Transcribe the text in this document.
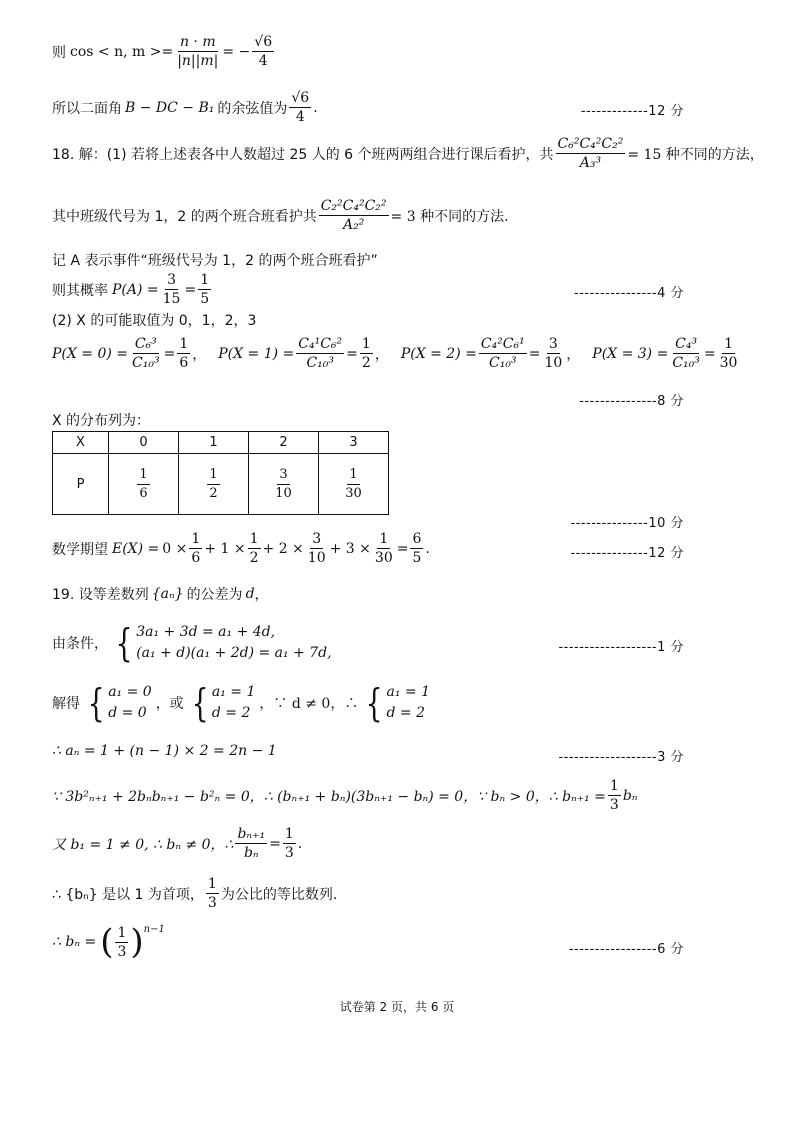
则 cos < n, $m >= \frac{n \cdot m}{|n||m|}$ = − $\frac{√6}{4}$
所以二面角 B − DC − B₁ 的余弦值为 $\frac{√6}{4}$ .	-------------12 分
18. 解：(1) 若将上述表各中人数超过 25 人的 6 个班两两组合进行课后看护，共 $\frac{\text{C₆²C₄²C₂²}}{\text{A₃³}} = 15$ 种不同的方法，
其中班级代号为 1，2 的两个班合班看护共 $\frac{\text{C₂²C₄²C₂²}}{\text{A₂²}} = 3$ 种不同的方法.
记 A 表示事件“班级代号为 1，2 的两个班合班看护”
则其概率 $P(A) = \frac{3}{15} = \frac{1}{5}$	----------------4 分
(2) X 的可能取值为 0，1，2，3
$P(X = 0) = \frac{\text{C₆³}}{\text{C₁₀³}} = \frac{1}{6}$ ， $P(X = 1) = \frac{\text{C₄¹C₆²}}{\text{C₁₀³}} = \frac{1}{2}$ ， $P(X = 2) = \frac{\text{C₄²C₆¹}}{\text{C₁₀³}} = \frac{3}{10}$ ， $P(X = 3) = \frac{\text{C₄³}}{\text{C₁₀³}} = \frac{1}{30}$
---------------8 分
X 的分布列为：
X	0	1	2	3
P	$\frac{1}{6}$	$\frac{1}{2}$	$\frac{3}{10}$	$\frac{1}{30}$
---------------10 分
数学期望 $E(X) = 0 \times \frac{1}{6} + 1 \times \frac{1}{2} + 2 \times \frac{3}{10} + 3 \times \frac{1}{30} = \frac{6}{5}$ .	---------------12 分
19. 设等差数列 {aₙ} 的公差为 d ，
由条件， { 3a₁ + 3d = a₁ + 4d,
(a₁ + d)(a₁ + 2d) = a₁ + 7d,	-------------------1 分
解得 { a₁ = 0
d = 0
，或 { a₁ = 1
d = 2
，∵ d ≠ 0，∴ { a₁ = 1
d = 2
∴ aₙ = 1 + (n − 1) × 2 = 2n − 1	-------------------3 分
∵ 3b²ₙ₊₁ + 2bₙbₙ₊₁ − b²ₙ = 0，∴ (bₙ₊₁ + bₙ)(3bₙ₊₁ − bₙ) = 0，∵ bₙ > 0，∴ $b_{n+1} = \frac{1}{3}$ bₙ
又 b₁ = 1 ≠ 0, ∴ bₙ ≠ 0，∴ $\frac{\text{bₙ₊₁}}{\text{bₙ}} = \frac{1}{3}$ .
∴ {bₙ} 是以 1 为首项， $\frac{1}{3}$ 为公比的等比数列.
∴ bₙ = ( $\frac{1}{3}$ ) n−1
-----------------6 分
试卷第 2 页，共 6 页
